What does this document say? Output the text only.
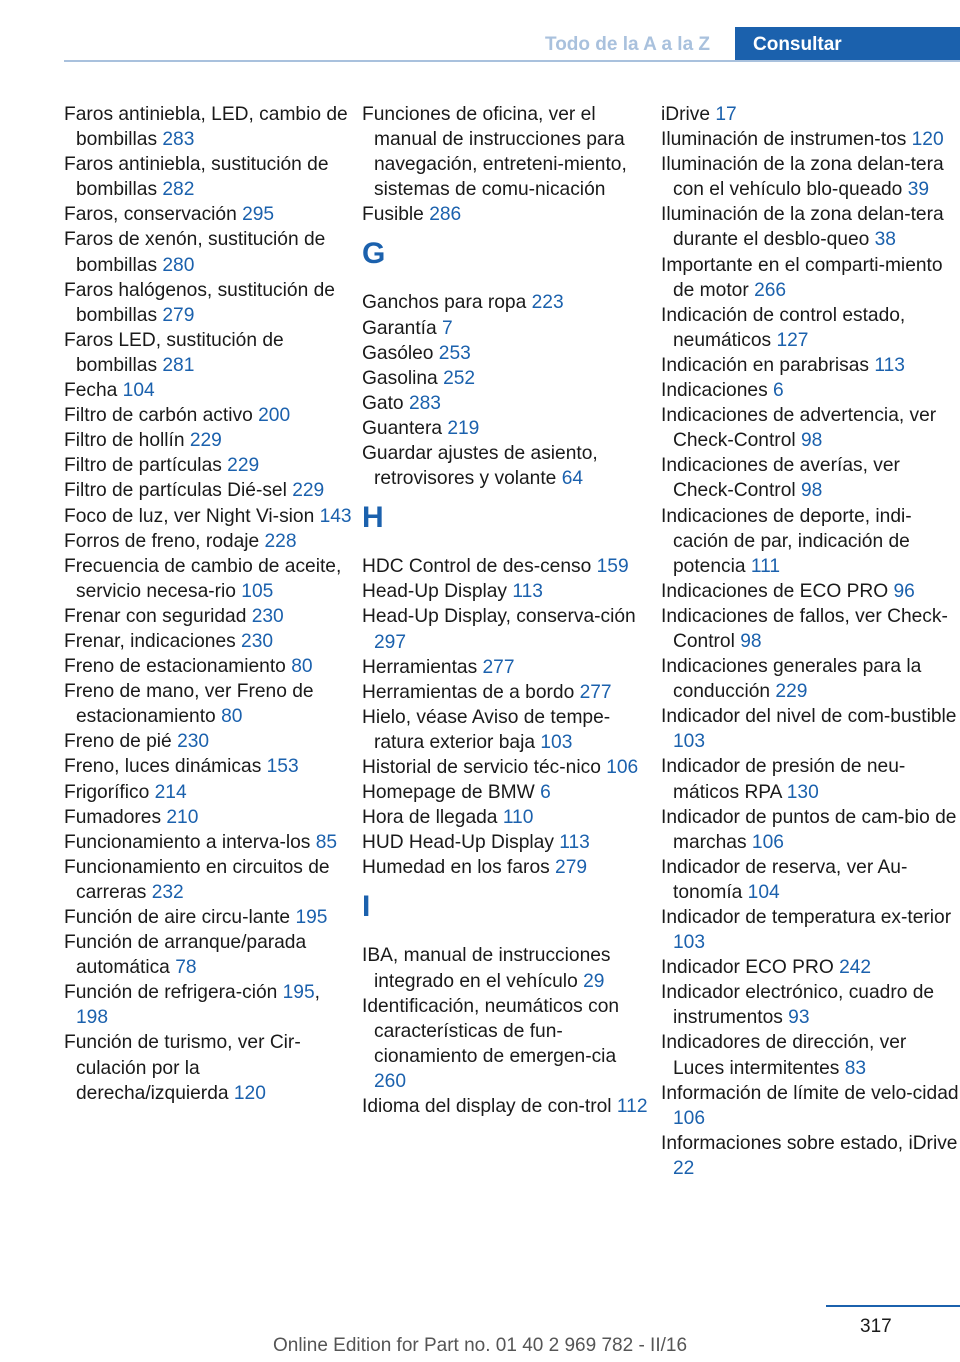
Todo de la A a la Z	Consultar
Faros antiniebla, LED, cambio de bombillas 283
Faros antiniebla, sustitución de bombillas 282
Faros, conservación 295
Faros de xenón, sustitución de bombillas 280
Faros halógenos, sustitución de bombillas 279
Faros LED, sustitución de bombillas 281
Fecha 104
Filtro de carbón activo 200
Filtro de hollín 229
Filtro de partículas 229
Filtro de partículas Dié‐sel 229
Foco de luz, ver Night Vi‐sion 143
Forros de freno, rodaje 228
Frecuencia de cambio de aceite, servicio necesa‐rio 105
Frenar con seguridad 230
Frenar, indicaciones 230
Freno de estacionamiento 80
Freno de mano, ver Freno de estacionamiento 80
Freno de pié 230
Freno, luces dinámicas 153
Frigorífico 214
Fumadores 210
Funcionamiento a interva‐los 85
Funcionamiento en circuitos de carreras 232
Función de aire circu‐lante 195
Función de arranque/parada automática 78
Función de refrigera‐ción 195, 198
Función de turismo, ver Cir‐culación por la derecha/izquierda 120
Funciones de oficina, ver el manual de instrucciones para navegación, entreteni‐miento, sistemas de comu‐nicación
Fusible 286
G
Ganchos para ropa 223
Garantía 7
Gasóleo 253
Gasolina 252
Gato 283
Guantera 219
Guardar ajustes de asiento, retrovisores y volante 64
H
HDC Control de des‐censo 159
Head-Up Display 113
Head-Up Display, conserva‐ción 297
Herramientas 277
Herramientas de a bordo 277
Hielo, véase Aviso de tempe‐ratura exterior baja 103
Historial de servicio téc‐nico 106
Homepage de BMW 6
Hora de llegada 110
HUD Head-Up Display 113
Humedad en los faros 279
I
IBA, manual de instrucciones integrado en el vehículo 29
Identificación, neumáticos con características de fun‐cionamiento de emergen‐cia 260
Idioma del display de con‐trol 112
iDrive 17
Iluminación de instrumen‐tos 120
Iluminación de la zona delan‐tera con el vehículo blo‐queado 39
Iluminación de la zona delan‐tera durante el desblo‐queo 38
Importante en el comparti‐miento de motor 266
Indicación de control estado, neumáticos 127
Indicación en parabrisas 113
Indicaciones 6
Indicaciones de advertencia, ver Check-Control 98
Indicaciones de averías, ver Check-Control 98
Indicaciones de deporte, indi‐cación de par, indicación de potencia 111
Indicaciones de ECO PRO 96
Indicaciones de fallos, ver Check-Control 98
Indicaciones generales para la conducción 229
Indicador del nivel de com‐bustible 103
Indicador de presión de neu‐máticos RPA 130
Indicador de puntos de cam‐bio de marchas 106
Indicador de reserva, ver Au‐tonomía 104
Indicador de temperatura ex‐terior 103
Indicador ECO PRO 242
Indicador electrónico, cuadro de instrumentos 93
Indicadores de dirección, ver Luces intermitentes 83
Información de límite de velo‐cidad 106
Informaciones sobre estado, iDrive 22
317
Online Edition for Part no. 01 40 2 969 782 - II/16
